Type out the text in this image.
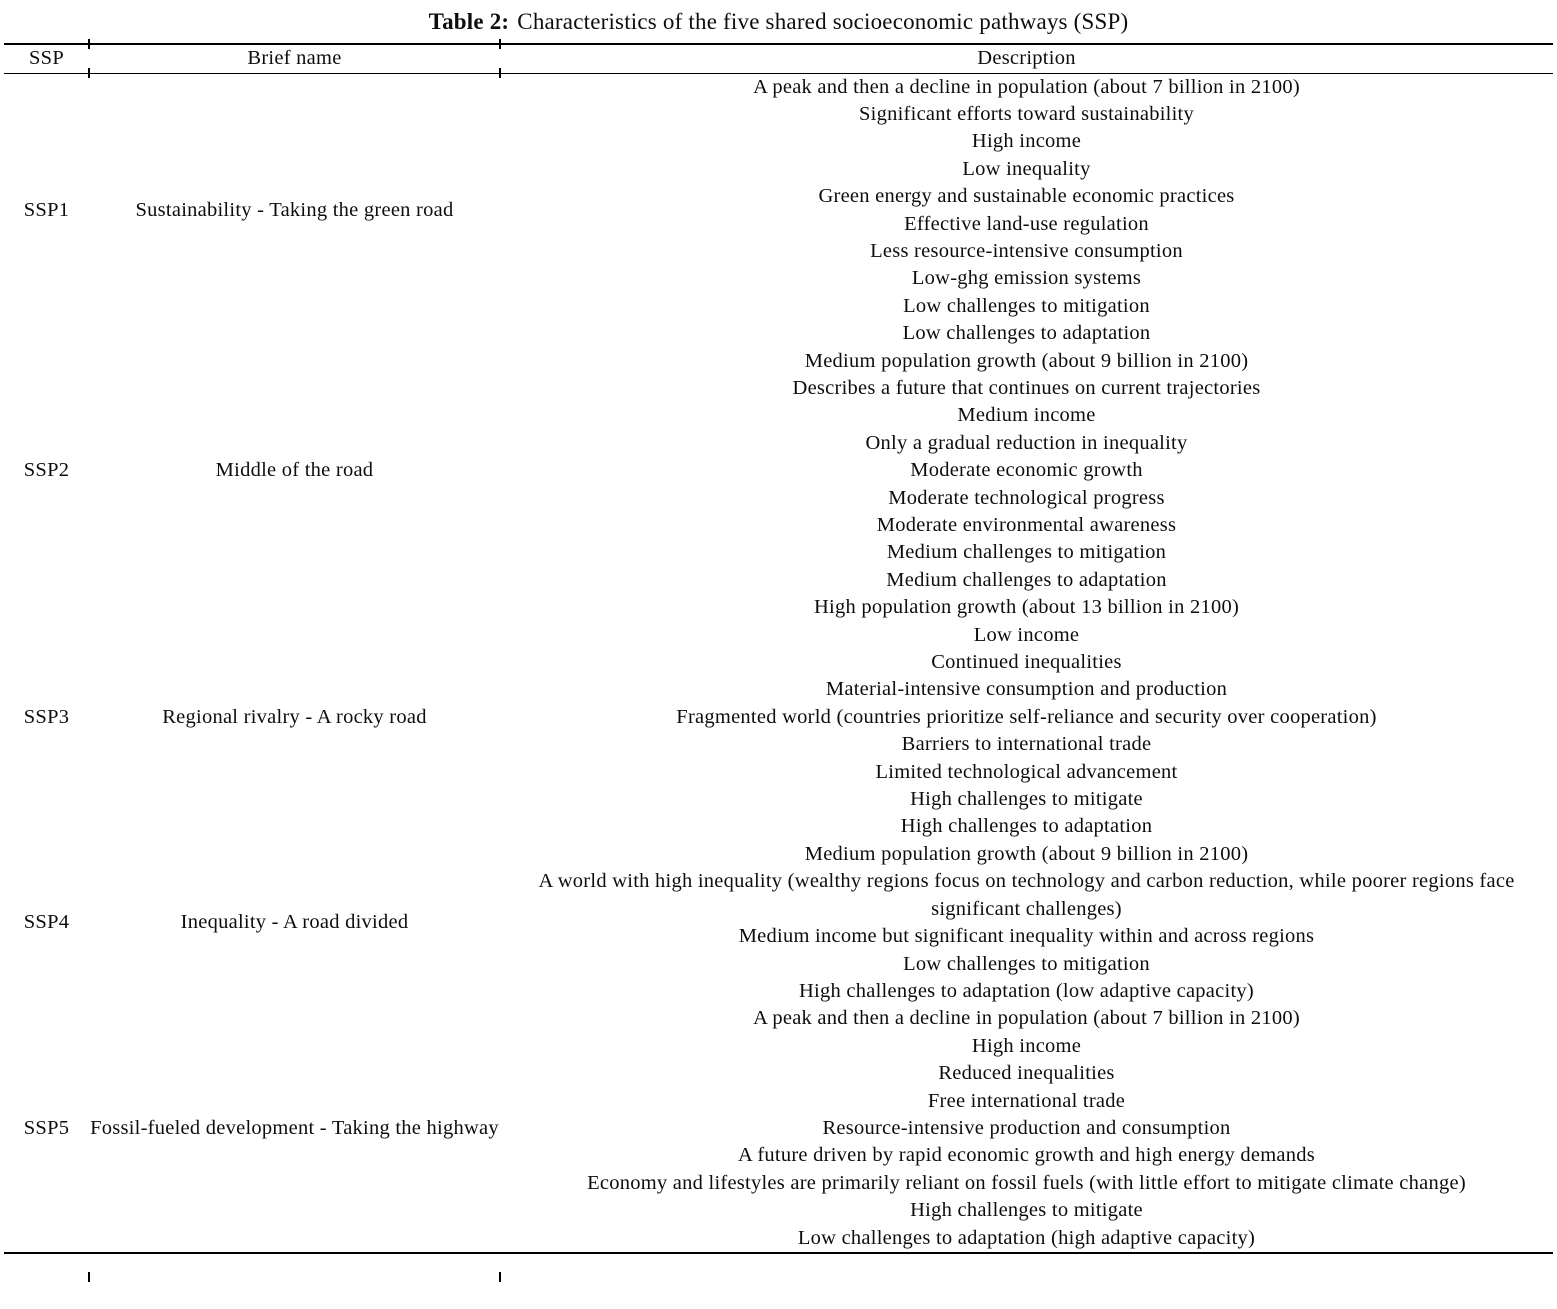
Table 2: Characteristics of the five shared socioeconomic pathways (SSP)
SSP	Brief name	Description
SSP1	Sustainability - Taking the green road	
A peak and then a decline in population (about 7 billion in 2100)
Significant efforts toward sustainability
High income
Low inequality
Green energy and sustainable economic practices
Effective land-use regulation
Less resource-intensive consumption
Low-ghg emission systems
Low challenges to mitigation
Low challenges to adaptation

SSP2	Middle of the road	
Medium population growth (about 9 billion in 2100)
Describes a future that continues on current trajectories
Medium income
Only a gradual reduction in inequality
Moderate economic growth
Moderate technological progress
Moderate environmental awareness
Medium challenges to mitigation
Medium challenges to adaptation

SSP3	Regional rivalry - A rocky road	
High population growth (about 13 billion in 2100)
Low income
Continued inequalities
Material-intensive consumption and production
Fragmented world (countries prioritize self-reliance and security over cooperation)
Barriers to international trade
Limited technological advancement
High challenges to mitigate
High challenges to adaptation

SSP4	Inequality - A road divided	Medium population growth (about 9 billion in 2100)
A world with high inequality (wealthy regions focus on technology and carbon reduction, while poorer regions face significant challenges)
Medium income but significant inequality within and across regions
Low challenges to mitigation
High challenges to adaptation (low adaptive capacity)

SSP5	Fossil-fueled development - Taking the highway	
A peak and then a decline in population (about 7 billion in 2100)
High income
Reduced inequalities
Free international trade
Resource-intensive production and consumption
A future driven by rapid economic growth and high energy demands
Economy and lifestyles are primarily reliant on fossil fuels (with little effort to mitigate climate change)
High challenges to mitigate
Low challenges to adaptation (high adaptive capacity)
